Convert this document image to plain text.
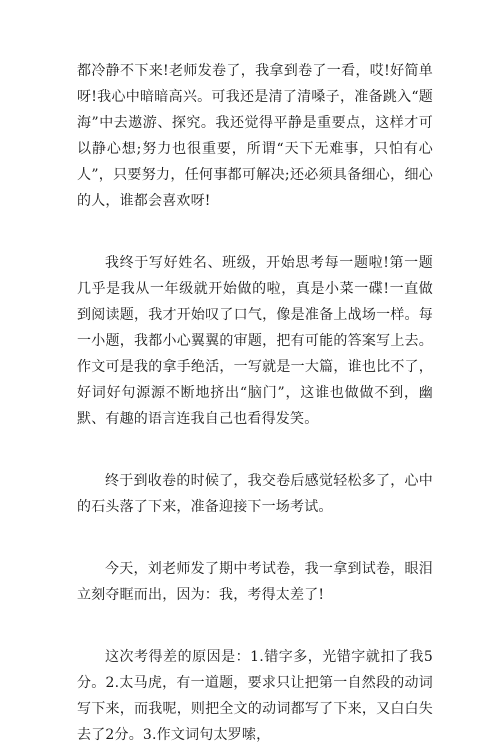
都冷静不下来!老师发卷了，我拿到卷了一看，哎!好简单呀!我心中暗暗高兴。可我还是清了清嗓子，准备跳入“题海”中去遨游、探究。我还觉得平静是重要点，这样才可以静心想;努力也很重要，所谓“天下无难事，只怕有心人”，只要努力，任何事都可解决;还必须具备细心，细心的人，谁都会喜欢呀!

我终于写好姓名、班级，开始思考每一题啦!第一题几乎是我从一年级就开始做的啦，真是小菜一碟!一直做到阅读题，我才开始叹了口气，像是准备上战场一样。每一小题，我都小心翼翼的审题，把有可能的答案写上去。作文可是我的拿手绝活，一写就是一大篇，谁也比不了，好词好句源源不断地挤出“脑门”，这谁也做做不到，幽默、有趣的语言连我自己也看得发笑。

终于到收卷的时候了，我交卷后感觉轻松多了，心中的石头落了下来，准备迎接下一场考试。

今天，刘老师发了期中考试卷，我一拿到试卷，眼泪立刻夺眶而出，因为：我，考得太差了!

这次考得差的原因是：1.错字多，光错字就扣了我5分。2.太马虎，有一道题，要求只让把第一自然段的动词写下来，而我呢，则把全文的动词都写了下来，又白白失去了2分。3.作文词句太罗嗦，
